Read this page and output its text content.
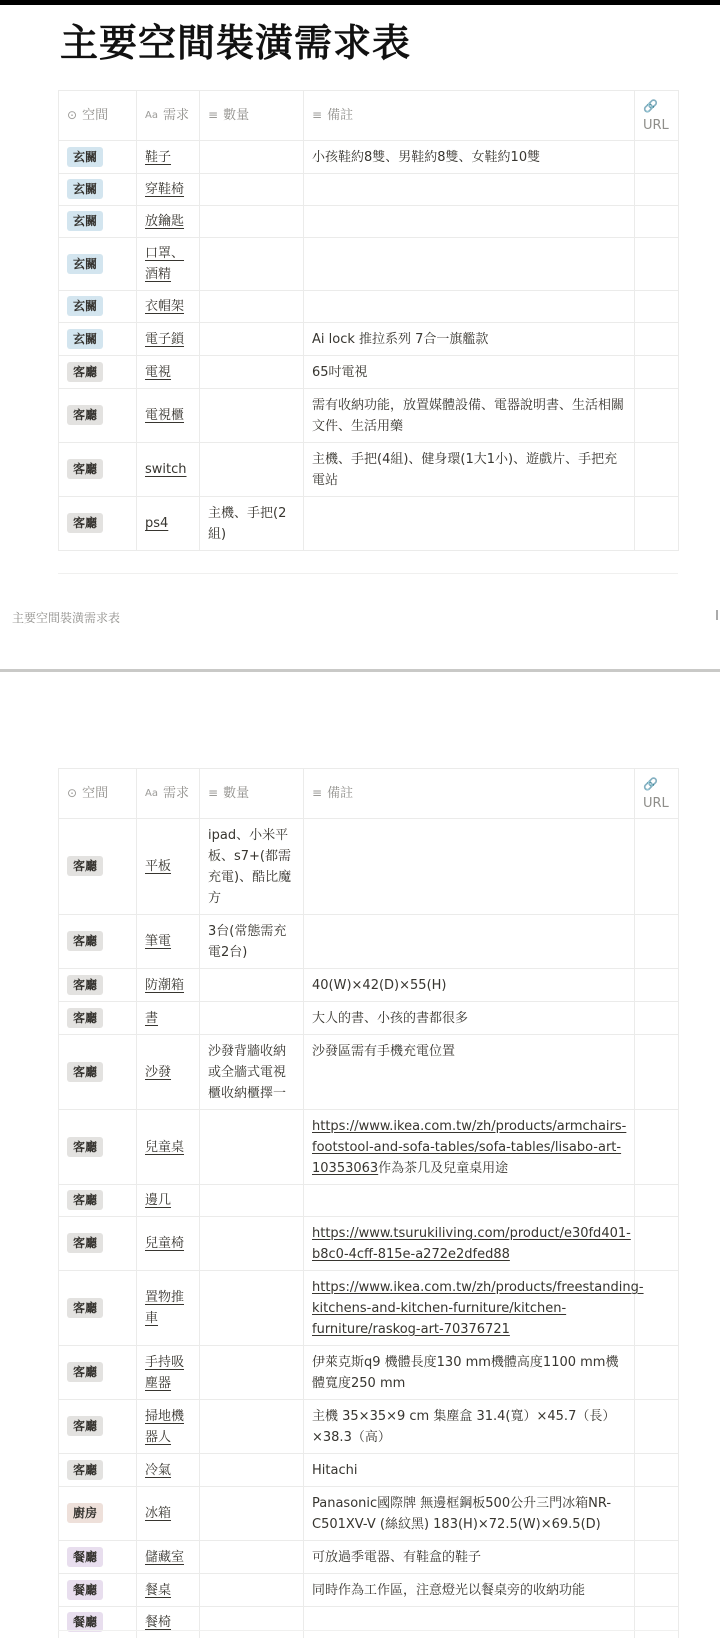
主要空間裝潢需求表
⊙ 空間	Aa 需求	≡ 數量	≡ 備註	🔗
URL
玄關	鞋子		小孩鞋約8雙、男鞋約8雙、女鞋約10雙	
玄關	穿鞋椅			
玄關	放鑰匙			
玄關	口罩、酒精			
玄關	衣帽架			
玄關	電子鎖		Ai lock 推拉系列 7合一旗艦款	
客廳	電視		65吋電視	
客廳	電視櫃		需有收納功能，放置媒體設備、電器說明書、生活相關文件、生活用藥	
客廳	switch		主機、手把(4組)、健身環(1大1小)、遊戲片、手把充電站	
客廳	ps4	主機、手把(2組)		
主要空間裝潢需求表
⊙ 空間	Aa 需求	≡ 數量	≡ 備註	🔗
URL
客廳	平板	ipad、小米平板、s7+(都需充電)、酷比魔方		
客廳	筆電	3台(常態需充電2台)		
客廳	防潮箱		40(W)×42(D)×55(H)	
客廳	書		大人的書、小孩的書都很多	
客廳	沙發	沙發背牆收納或全牆式電視櫃收納櫃擇一	沙發區需有手機充電位置	
客廳	兒童桌		https://www.ikea.com.tw/zh/products/armchairs-footstool-and-sofa-tables/sofa-tables/lisabo-art-10353063作為茶几及兒童桌用途	
客廳	邊几			
客廳	兒童椅		https://www.tsurukiliving.com/product/e30fd401-b8c0-4cff-815e-a272e2dfed88	
客廳	置物推車		https://www.ikea.com.tw/zh/products/freestanding-kitchens-and-kitchen-furniture/kitchen-furniture/raskog-art-70376721	
客廳	手持吸塵器		伊萊克斯q9 機體長度130 mm機體高度1100 mm機體寬度250 mm	
客廳	掃地機器人		主機 35×35×9 cm 集塵盒 31.4(寬）×45.7（長）×38.3（高）	
客廳	冷氣		Hitachi	
廚房	冰箱		Panasonic國際牌 無邊框鋼板500公升三門冰箱NR-C501XV-V (絲紋黑) 183(H)×72.5(W)×69.5(D)	
餐廳	儲藏室		可放過季電器、有鞋盒的鞋子	
餐廳	餐桌		同時作為工作區，注意燈光以餐桌旁的收納功能	
餐廳	餐椅			
